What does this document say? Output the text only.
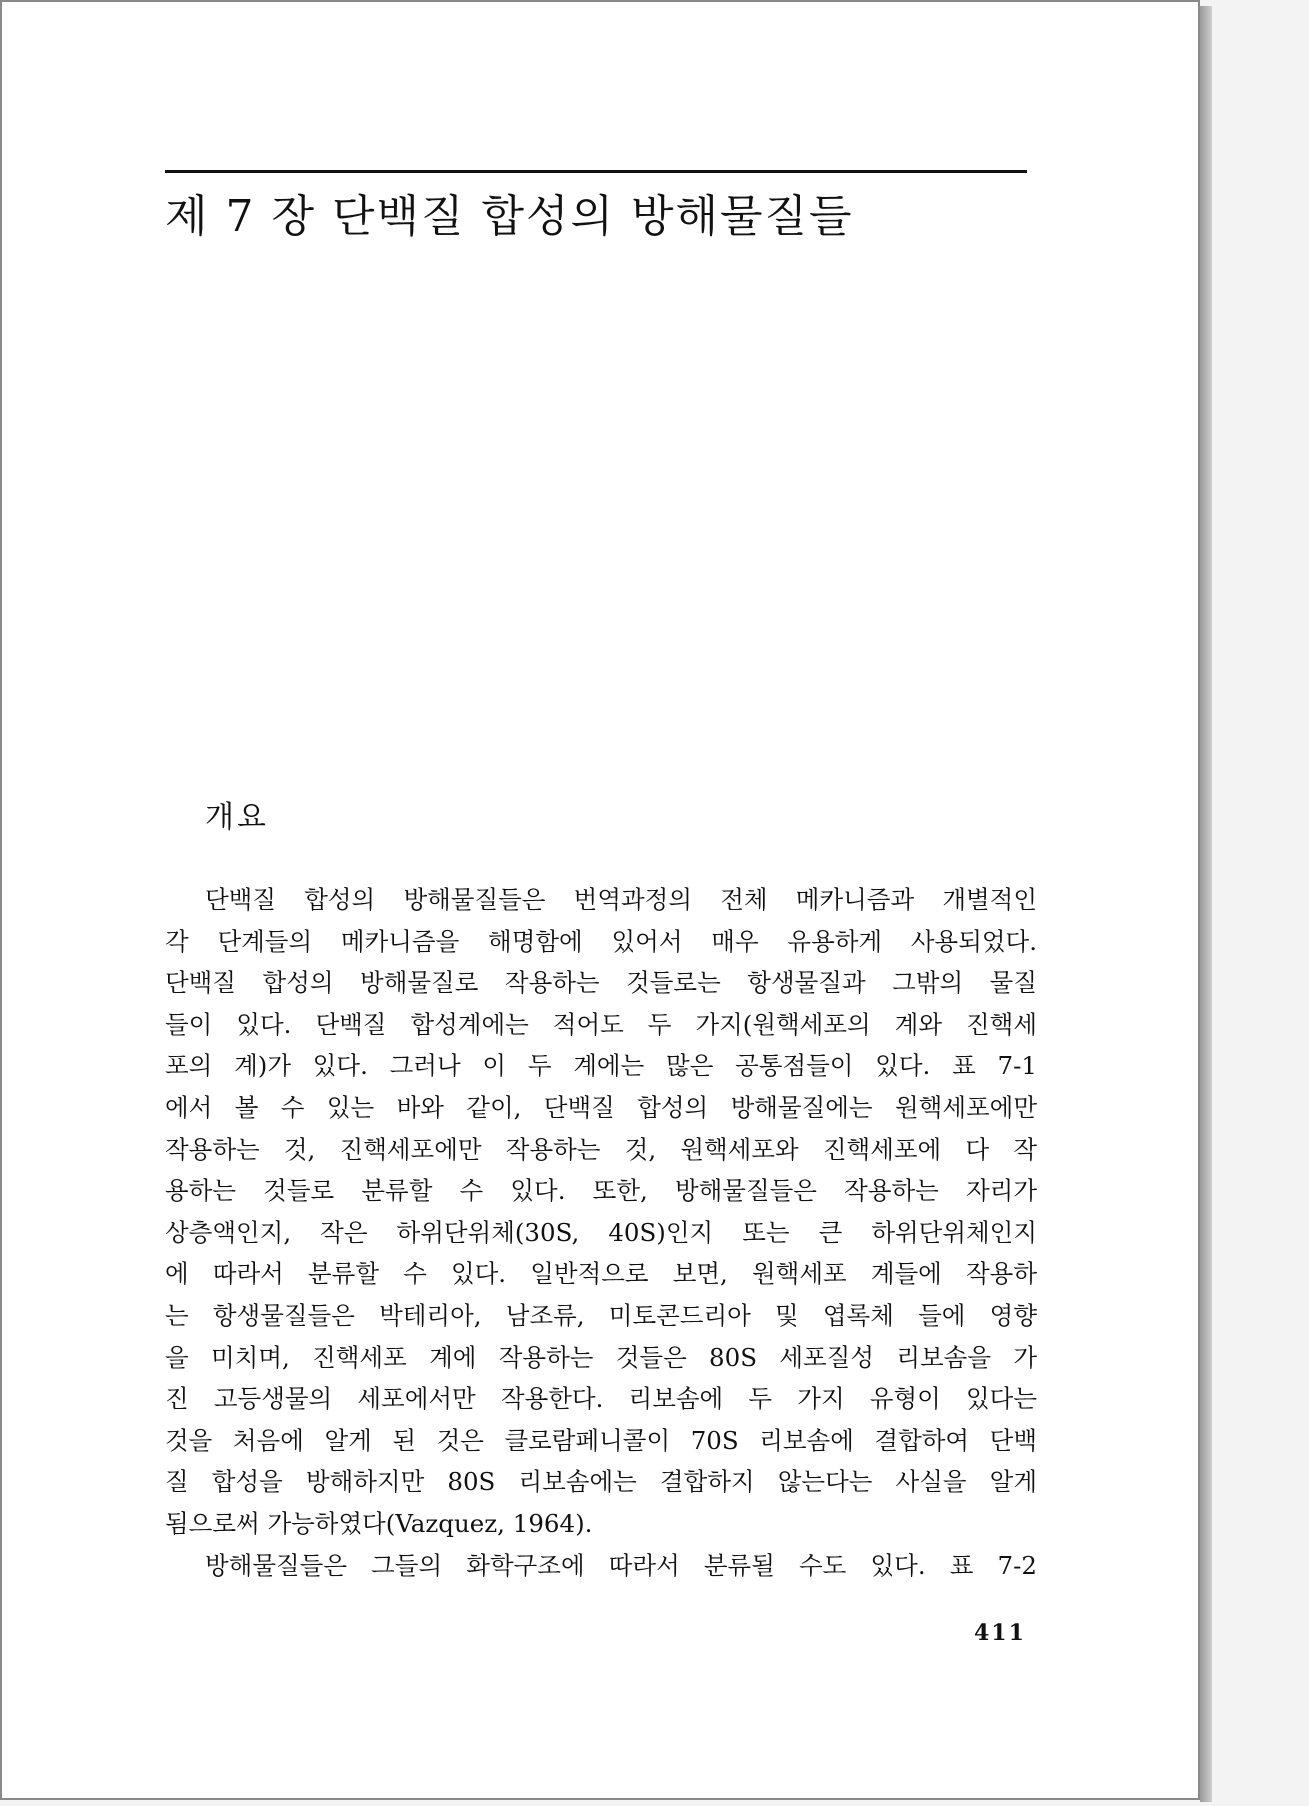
제 7 장 단백질 합성의 방해물질들
개요
단백질 합성의 방해물질들은 번역과정의 전체 메카니즘과 개별적인
각 단계들의 메카니즘을 해명함에 있어서 매우 유용하게 사용되었다.
단백질 합성의 방해물질로 작용하는 것들로는 항생물질과 그밖의 물질
들이 있다. 단백질 합성계에는 적어도 두 가지(원핵세포의 계와 진핵세
포의 계)가 있다. 그러나 이 두 계에는 많은 공통점들이 있다. 표 7-1
에서 볼 수 있는 바와 같이, 단백질 합성의 방해물질에는 원핵세포에만
작용하는 것, 진핵세포에만 작용하는 것, 원핵세포와 진핵세포에 다 작
용하는 것들로 분류할 수 있다. 또한, 방해물질들은 작용하는 자리가
상층액인지, 작은 하위단위체(30S, 40S)인지 또는 큰 하위단위체인지
에 따라서 분류할 수 있다. 일반적으로 보면, 원핵세포 계들에 작용하
는 항생물질들은 박테리아, 남조류, 미토콘드리아 및 엽록체 들에 영향
을 미치며, 진핵세포 계에 작용하는 것들은 80S 세포질성 리보솜을 가
진 고등생물의 세포에서만 작용한다. 리보솜에 두 가지 유형이 있다는
것을 처음에 알게 된 것은 클로람페니콜이 70S 리보솜에 결합하여 단백
질 합성을 방해하지만 80S 리보솜에는 결합하지 않는다는 사실을 알게
됨으로써 가능하였다(Vazquez, 1964).
방해물질들은 그들의 화학구조에 따라서 분류될 수도 있다. 표 7-2
411
